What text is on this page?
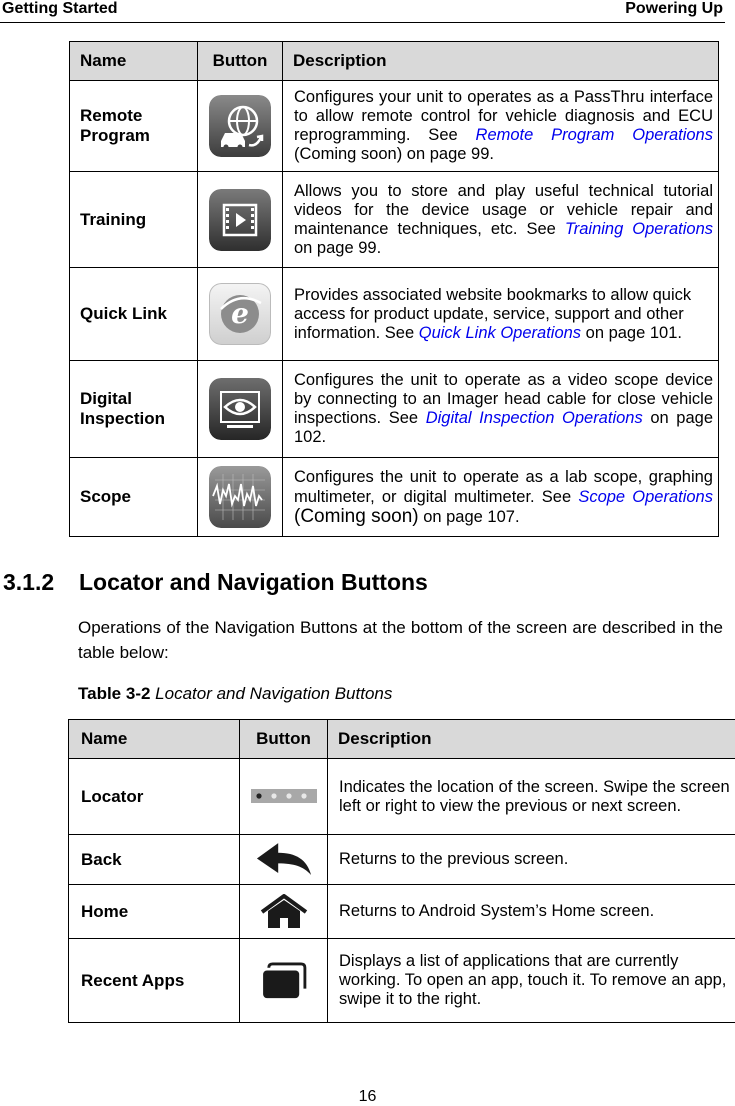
Getting Started	Powering Up
Name	Button	Description
Remote Program		Configures your unit to operates as a PassThru interface to allow remote control for vehicle diagnosis and ECU reprogramming. See Remote Program Operations (Coming soon) on page 99.
Training		Allows you to store and play useful technical tutorial videos for the device usage or vehicle repair and maintenance techniques, etc. See Training Operations on page 99.
Quick Link	e	Provides associated website bookmarks to allow quick access for product update, service, support and other information. See Quick Link Operations on page 101.
Digital Inspection		Configures the unit to operate as a video scope device by connecting to an Imager head cable for close vehicle inspections. See Digital Inspection Operations on page 102.
Scope		Configures the unit to operate as a lab scope, graphing multimeter, or digital multimeter. See Scope Operations (Coming soon) on page 107.
3.1.2 Locator and Navigation Buttons
Operations of the Navigation Buttons at the bottom of the screen are described in the table below:
Table 3-2 Locator and Navigation Buttons
Name	Button	Description
Locator		Indicates the location of the screen. Swipe the screen left or right to view the previous or next screen.
Back		Returns to the previous screen.
Home		Returns to Android System’s Home screen.
Recent Apps		Displays a list of applications that are currently working. To open an app, touch it. To remove an app, swipe it to the right.
16
